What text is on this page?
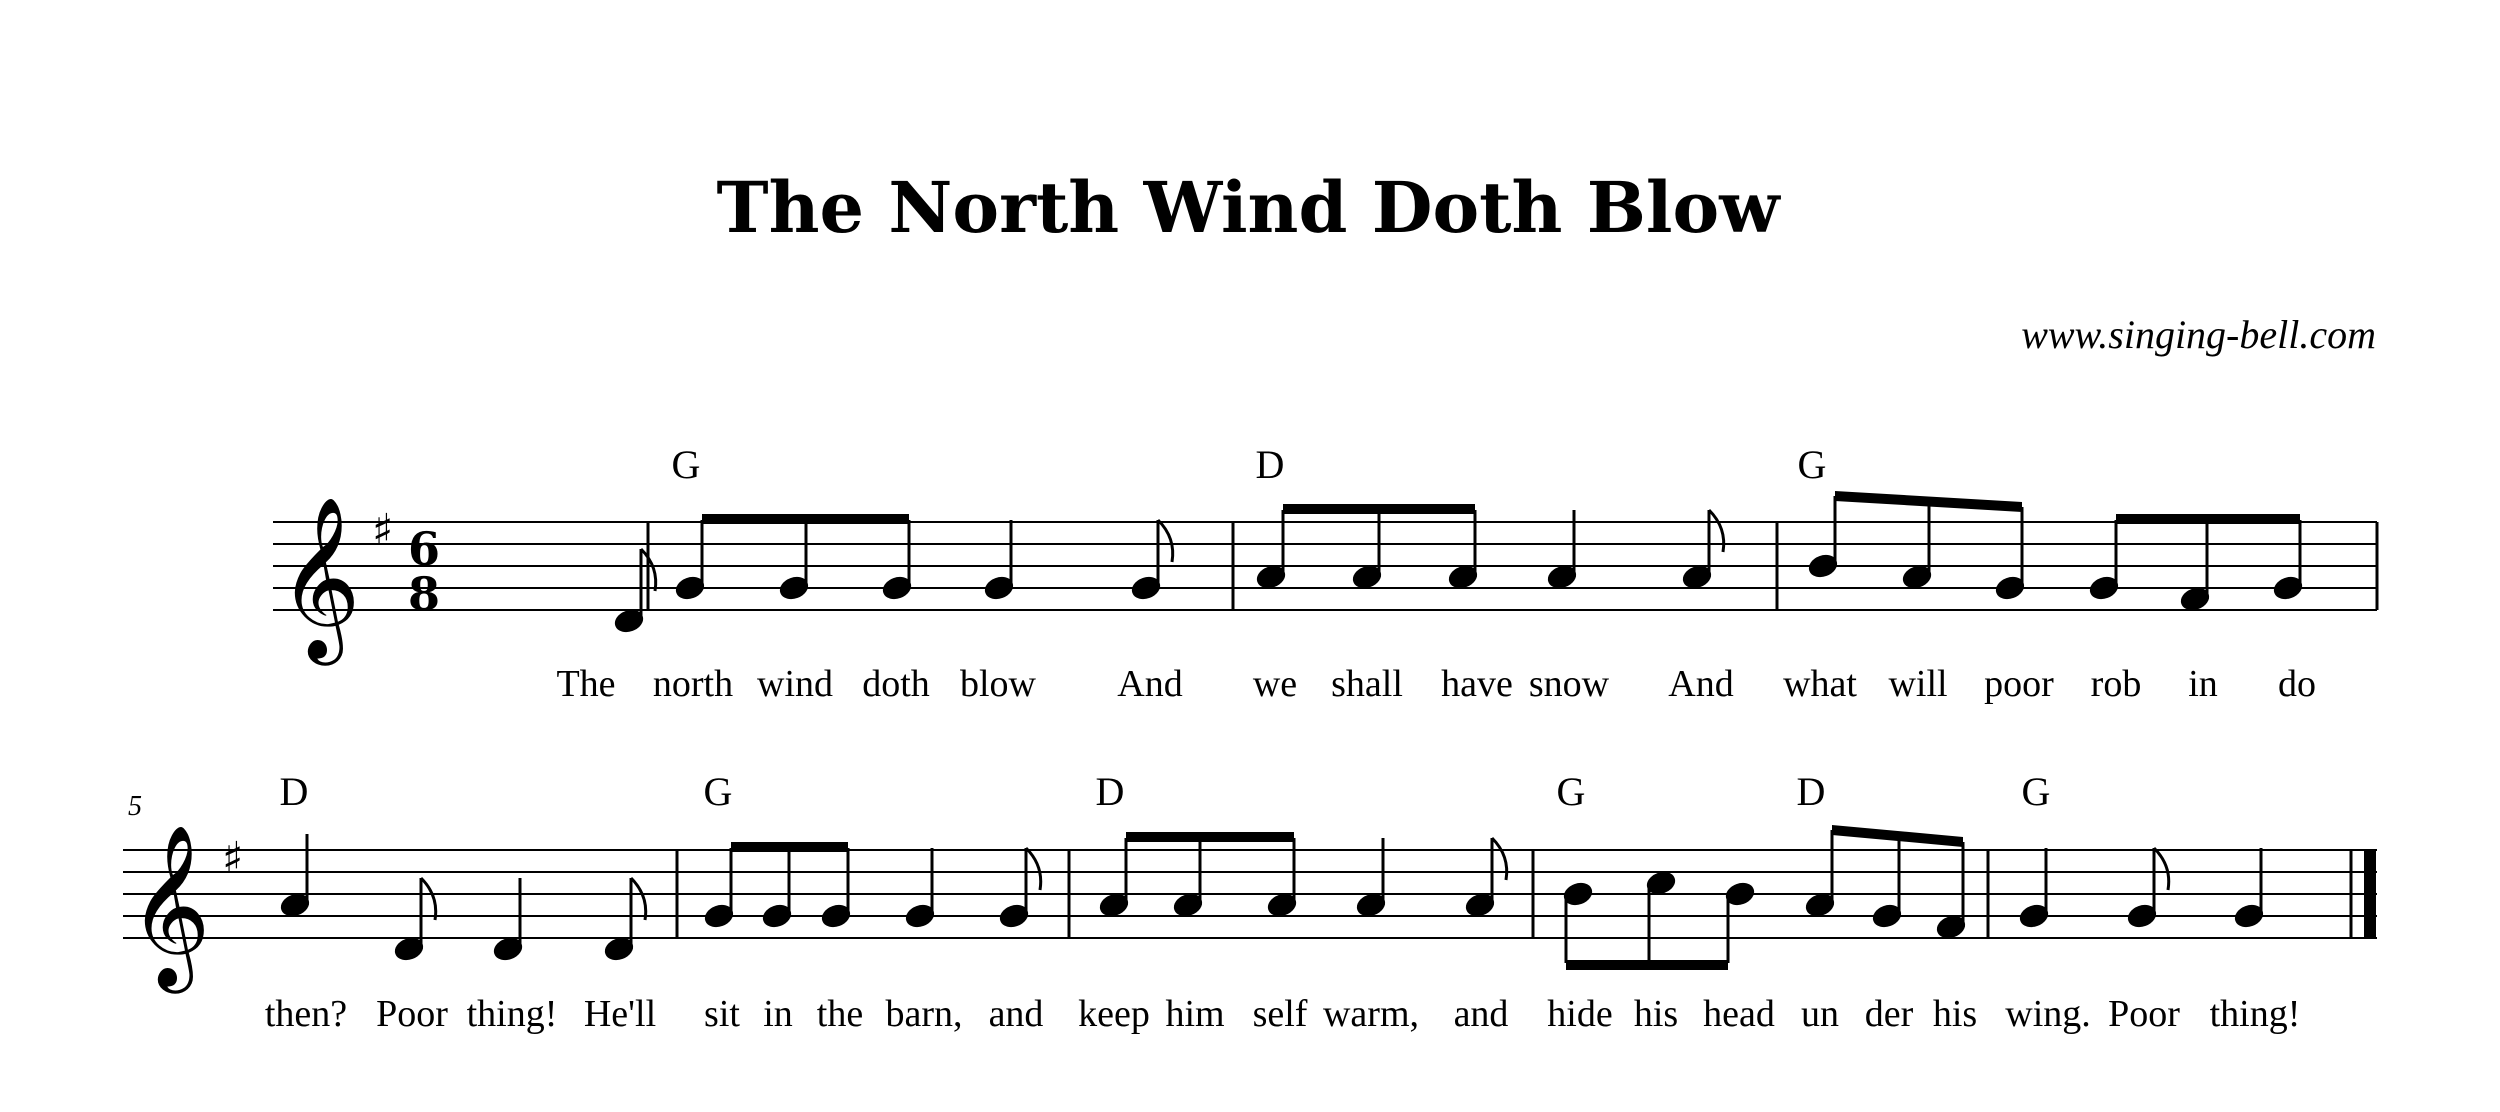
The North Wind Doth Blow
www.singing-bell.com
𝄞 ♯ 6
8
G	D	G
The north wind doth blow And we shall have snow And what will poor rob in do
5
𝄞 ♯
D	G	D	G	D	G
then? Poor thing! He'll sit in the barn, and keep him self warm, and hide his head un der his wing. Poor thing!
